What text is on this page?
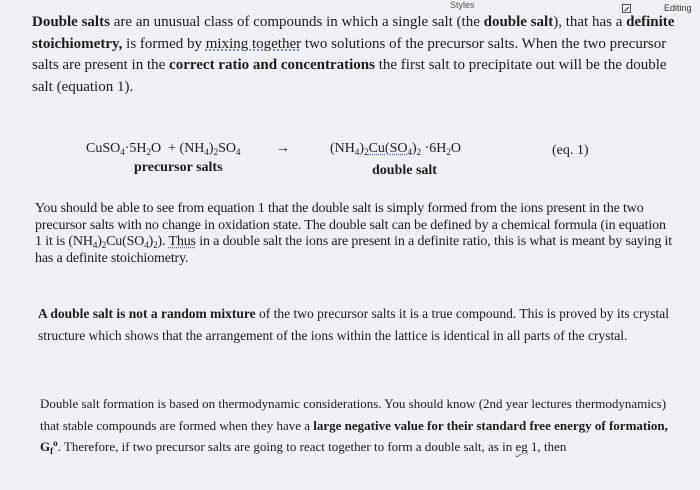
Styles	Editing
Double salts are an unusual class of compounds in which a single salt (the double salt), that has a definite stoichiometry, is formed by mixing together two solutions of the precursor salts. When the two precursor salts are present in the correct ratio and concentrations the first salt to precipitate out will be the double salt (equation 1).
$CuSO_4\cdot 5H_2O + (NH_4)_2SO_4$	→	$(NH_4)_2Cu(SO_4)_2 \cdot 6H_2O$	(eq. 1)
precursor salts	double salt
You should be able to see from equation 1 that the double salt is simply formed from the ions present in the two precursor salts with no change in oxidation state. The double salt can be defined by a chemical formula (in equation 1 it is $(NH_4)_2Cu(SO_4)_2$). Thus in a double salt the ions are present in a definite ratio, this is what is meant by saying it has a definite stoichiometry.
A double salt is not a random mixture of the two precursor salts it is a true compound. This is proved by its crystal structure which shows that the arrangement of the ions within the lattice is identical in all parts of the crystal.
Double salt formation is based on thermodynamic considerations. You should know (2nd year lectures thermodynamics) that stable compounds are formed when they have a large negative value for their standard free energy of formation, $G_f^o$. Therefore, if two precursor salts are going to react together to form a double salt, as in eg 1, then
